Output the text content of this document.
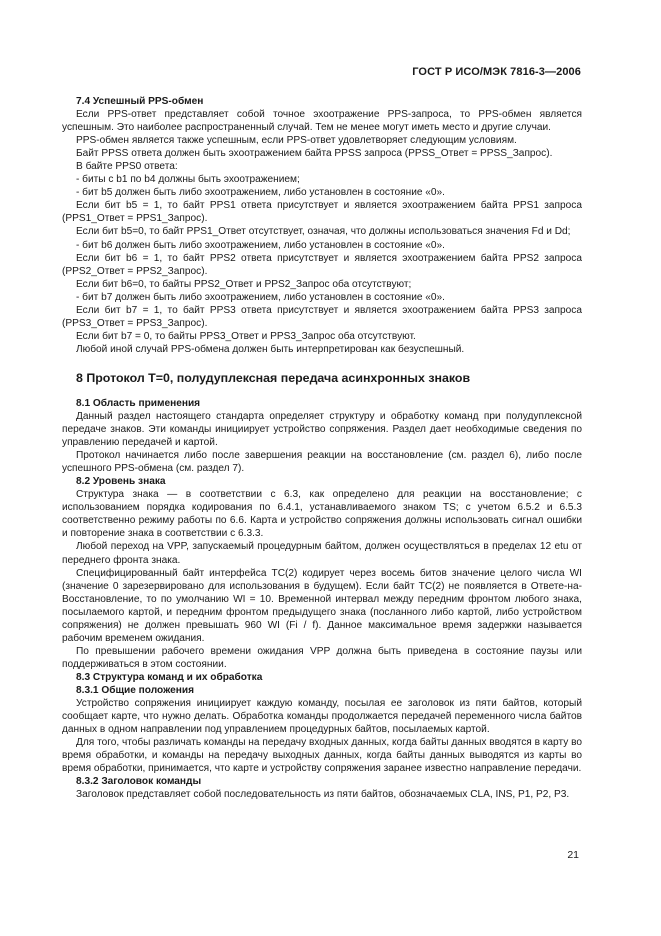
ГОСТ Р ИСО/МЭК 7816-3—2006

7.4 Успешный PPS-обмен

Если PPS-ответ представляет собой точное эхоотражение PPS-запроса, то PPS-обмен является успешным. Это наиболее распространенный случай. Тем не менее могут иметь место и другие случаи.

PPS-обмен является также успешным, если PPS-ответ удовлетворяет следующим условиям.

Байт PPSS ответа должен быть эхоотражением байта PPSS запроса (PPSS_Ответ = PPSS_Запрос).

В байте PPS0 ответа:

- биты с b1 по b4 должны быть эхоотражением;

- бит b5 должен быть либо эхоотражением, либо установлен в состояние «0».

Если бит b5 = 1, то байт PPS1 ответа присутствует и является эхоотражением байта PPS1 запроса (PPS1_Ответ = PPS1_Запрос).

Если бит b5=0, то байт PPS1_Ответ отсутствует, означая, что должны использоваться значения Fd и Dd;

- бит b6 должен быть либо эхоотражением, либо установлен в состояние «0».

Если бит b6 = 1, то байт PPS2 ответа присутствует и является эхоотражением байта PPS2 запроса (PPS2_Ответ = PPS2_Запрос).

Если бит b6=0, то байты PPS2_Ответ и PPS2_Запрос оба отсутствуют;

- бит b7 должен быть либо эхоотражением, либо установлен в состояние «0».

Если бит b7 = 1, то байт PPS3 ответа присутствует и является эхоотражением байта PPS3 запроса (PPS3_Ответ = PPS3_Запрос).

Если бит b7 = 0, то байты PPS3_Ответ и PPS3_Запрос оба отсутствуют.

Любой иной случай PPS-обмена должен быть интерпретирован как безуспешный.

8 Протокол T=0, полудуплексная передача асинхронных знаков

8.1 Область применения

Данный раздел настоящего стандарта определяет структуру и обработку команд при полудуплексной передаче знаков. Эти команды инициирует устройство сопряжения. Раздел дает необходимые сведения по управлению передачей и картой.

Протокол начинается либо после завершения реакции на восстановление (см. раздел 6), либо после успешного PPS-обмена (см. раздел 7).

8.2 Уровень знака

Структура знака — в соответствии с 6.3, как определено для реакции на восстановление; с использованием порядка кодирования по 6.4.1, устанавливаемого знаком TS; с учетом 6.5.2 и 6.5.3 соответственно режиму работы по 6.6. Карта и устройство сопряжения должны использовать сигнал ошибки и повторение знака в соответствии с 6.3.3.

Любой переход на VPP, запускаемый процедурным байтом, должен осуществляться в пределах 12 etu от переднего фронта знака.

Специфицированный байт интерфейса TC(2) кодирует через восемь битов значение целого числа WI (значение 0 зарезервировано для использования в будущем). Если байт TC(2) не появляется в Ответе-на-Восстановление, то по умолчанию WI = 10. Временной интервал между передним фронтом любого знака, посылаемого картой, и передним фронтом предыдущего знака (посланного либо картой, либо устройством сопряжения) не должен превышать 960 WI (Fi / f). Данное максимальное время задержки называется рабочим временем ожидания.

По превышении рабочего времени ожидания VPP должна быть приведена в состояние паузы или поддерживаться в этом состоянии.

8.3 Структура команд и их обработка

8.3.1 Общие положения

Устройство сопряжения инициирует каждую команду, посылая ее заголовок из пяти байтов, который сообщает карте, что нужно делать. Обработка команды продолжается передачей переменного числа байтов данных в одном направлении под управлением процедурных байтов, посылаемых картой.

Для того, чтобы различать команды на передачу входных данных, когда байты данных вводятся в карту во время обработки, и команды на передачу выходных данных, когда байты данных выводятся из карты во время обработки, принимается, что карте и устройству сопряжения заранее известно направление передачи.

8.3.2 Заголовок команды

Заголовок представляет собой последовательность из пяти байтов, обозначаемых CLA, INS, P1, P2, P3.

21
